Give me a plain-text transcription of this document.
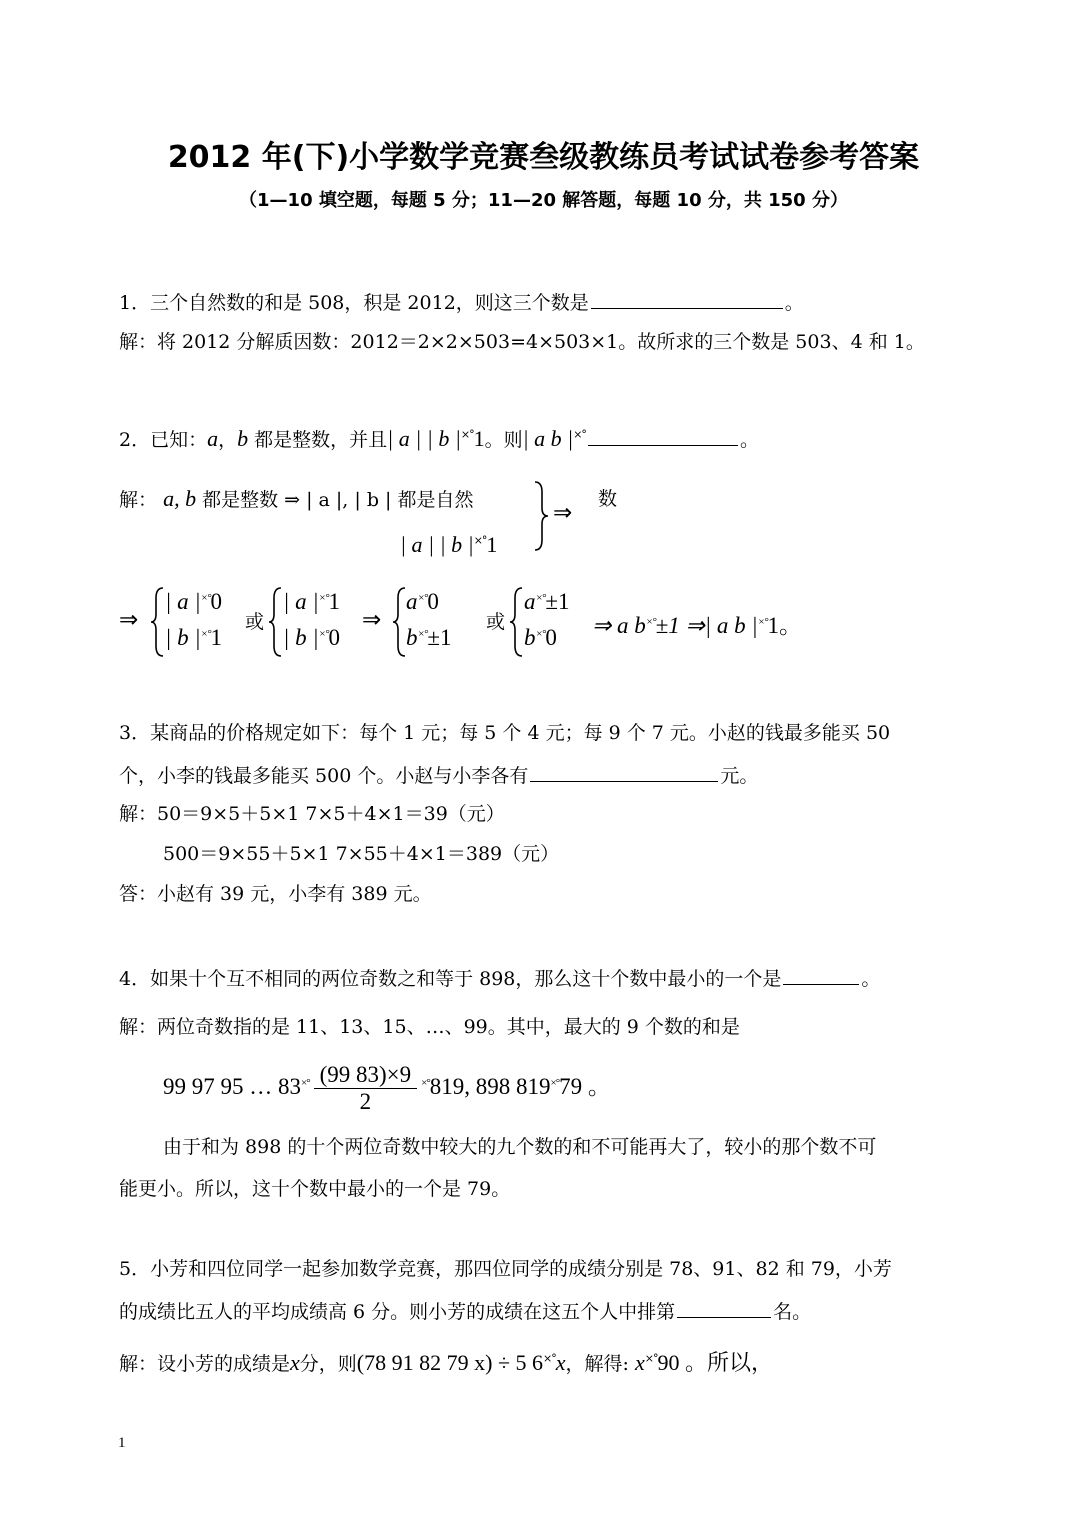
2012 年(下)小学数学竞赛叁级教练员考试试卷参考答案
（1—10 填空题，每题 5 分；11—20 解答题，每题 10 分，共 150 分）
1．三个自然数的和是 508，积是 2012，则这三个数是	。
解：将 2012 分解质因数：2012＝2×2×503=4×503×1。故所求的三个数是 503、4 和 1。
2．已知：a，b 都是整数，并且| a | | b |×°1。则| a b |×°	。
解： a, b 都是整数 ⇒ | a |, | b | 都是自然	数
| a | | b |×°1
⇒
⇒
| a |×°0
| b |×°1
或
| a |×°1
| b |×°0
⇒
a×°0
b×°±1
或
a×°±1
b×°0 ⇒ a b×°±1 ⇒| a b |×°1。
3．某商品的价格规定如下：每个 1 元；每 5 个 4 元；每 9 个 7 元。小赵的钱最多能买 50
个，小李的钱最多能买 500 个。小赵与小李各有	元。
解：50＝9×5＋5×1 7×5＋4×1＝39（元）
500＝9×55＋5×1 7×55＋4×1＝389（元）
答：小赵有 39 元，小李有 389 元。
4．如果十个互不相同的两位奇数之和等于 898，那么这十个数中最小的一个是	。
解：两位奇数指的是 11、13、15、…、99。其中，最大的 9 个数的和是
99 97 95 … $83^{\times^\circ} \frac{(99 83)\times 9}{2} ^{\times^\circ}819$, 898 819×°79 。
由于和为 898 的十个两位奇数中较大的九个数的和不可能再大了，较小的那个数不可
能更小。所以，这十个数中最小的一个是 79。
5．小芳和四位同学一起参加数学竞赛，那四位同学的成绩分别是 78、91、82 和 79，小芳
的成绩比五人的平均成绩高 6 分。则小芳的成绩在这五个人中排第	名。
解：设小芳的成绩是x分，则(78 91 82 79 x) ÷ 5 6×°x，解得: x×°90 。所以，
1
